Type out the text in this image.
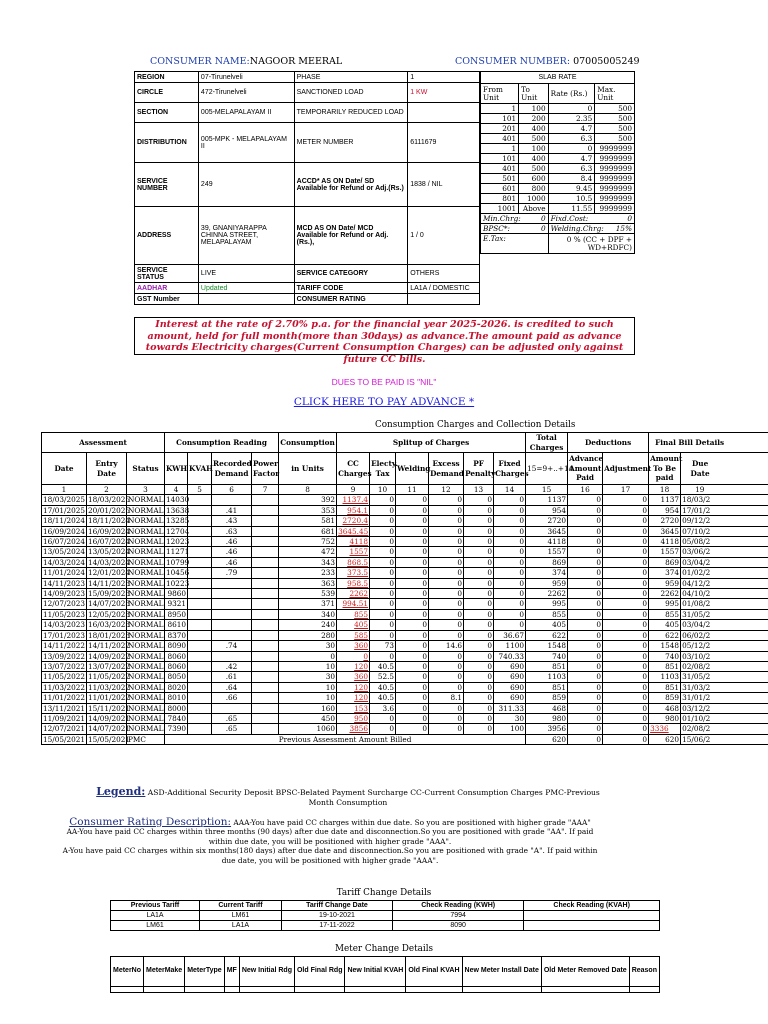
CONSUMER NAME:NAGOOR MEERAL	CONSUMER NUMBER: 07005005249
REGION	07-Tirunelveli	PHASE	1
CIRCLE	472-Tirunelveli	SANCTIONED LOAD	1 KW
SECTION	005-MELAPALAYAM II	TEMPORARILY REDUCED LOAD	
DISTRIBUTION	005-MPK - MELAPALAYAM II	METER NUMBER	6111679
SERVICE NUMBER	249	ACCD* AS ON Date/ SD Available for Refund or Adj.(Rs.)	1838 / NIL
ADDRESS	39, GNANIYARAPPA CHINNA STREET, MELAPALAYAM	MCD AS ON Date/ MCD Available for Refund or Adj.(Rs.),	1 / 0
SERVICE STATUS	LIVE	SERVICE CATEGORY	OTHERS
AADHAR	Updated	TARIFF CODE	LA1A / DOMESTIC
GST Number		CONSUMER RATING	
SLAB RATE			
From Unit	To Unit	Rate (Rs.)	Max. Unit
1	100	0	500
101	200	2.35	500
201	400	4.7	500
401	500	6.3	500
1	100	0	9999999
101	400	4.7	9999999
401	500	6.3	9999999
501	600	8.4	9999999
601	800	9.45	9999999
801	1000	10.5	9999999
1001	Above	11.55	9999999
Min.Chrg: 0		Fixd.Cost: 0	

BPSC*: 0		Welding.Chrg: 15%	

E.Tax:		0 % (CC + DPF + WD+RDFC)	
Interest at the rate of 2.70% p.a. for the financial year 2025-2026. is credited to such amount, held for full month(more than 30days) as advance.The amount paid as advance towards Electricity charges(Current Consumption Charges) can be adjusted only against future CC bills.
DUES TO BE PAID IS "NIL"
CLICK HERE TO PAY ADVANCE *
Consumption Charges and Collection Details
Assessment			Consumption Reading				Consumption	Splitup of Charges						Total Charges	Deductions		Final Bill Details	
Date	Entry Date	Status	KWH	KVAH	Recorded Demand	Power Factor	in Units	CC Charges	Electy. Tax	Welding	Excess Demand	PF Penalty	Fixed Charges	15=9+..+14	Advance Amount Paid	Adjustment	Amount To Be paid	Due Date

1	2	3	4	5	6	7	8	9	10	11	12	13	14	15	16	17	18	19
18/03/2025	18/03/2025	NORMAL	14030				392	1137.4	0	0	0	0	0	1137	0	0	1137	18/03/2
17/01/2025	20/01/2025	NORMAL	13638		.41		353	954.1	0	0	0	0	0	954	0	0	954	17/01/2
18/11/2024	18/11/2024	NORMAL	13285		.43		581	2720.4	0	0	0	0	0	2720	0	0	2720	09/12/2
16/09/2024	16/09/2024	NORMAL	12704		.63		681	3645.45	0	0	0	0	0	3645	0	0	3645	07/10/2
16/07/2024	16/07/2024	NORMAL	12023		.46		752	4118	0	0	0	0	0	4118	0	0	4118	05/08/2
13/05/2024	13/05/2024	NORMAL	11271		.46		472	1557	0	0	0	0	0	1557	0	0	1557	03/06/2
14/03/2024	14/03/2024	NORMAL	10799		.46		343	868.5	0	0	0	0	0	869	0	0	869	03/04/2
11/01/2024	12/01/2024	NORMAL	10456		.79		233	373.5	0	0	0	0	0	374	0	0	374	01/02/2
14/11/2023	14/11/2023	NORMAL	10223				363	958.5	0	0	0	0	0	959	0	0	959	04/12/2
14/09/2023	15/09/2023	NORMAL	9860				539	2262	0	0	0	0	0	2262	0	0	2262	04/10/2
12/07/2023	14/07/2023	NORMAL	9321				371	994.51	0	0	0	0	0	995	0	0	995	01/08/2
11/05/2023	12/05/2023	NORMAL	8950				340	855	0	0	0	0	0	855	0	0	855	31/05/2
14/03/2023	16/03/2023	NORMAL	8610				240	405	0	0	0	0	0	405	0	0	405	03/04/2
17/01/2023	18/01/2023	NORMAL	8370				280	585	0	0	0	0	36.67	622	0	0	622	06/02/2
14/11/2022	14/11/2022	NORMAL	8090		.74		30	360	73	0	14.6	0	1100	1548	0	0	1548	05/12/2
13/09/2022	14/09/2022	NORMAL	8060				0	0	0	0	0	0	740.33	740	0	0	740	03/10/2
13/07/2022	13/07/2022	NORMAL	8060		.42		10	120	40.5	0	0	0	690	851	0	0	851	02/08/2
11/05/2022	11/05/2022	NORMAL	8050		.61		30	360	52.5	0	0	0	690	1103	0	0	1103	31/05/2
11/03/2022	11/03/2022	NORMAL	8020		.64		10	120	40.5	0	0	0	690	851	0	0	851	31/03/2
11/01/2022	11/01/2022	NORMAL	8010		.66		10	120	40.5	0	8.1	0	690	859	0	0	859	31/01/2
13/11/2021	15/11/2021	NORMAL	8000				160	153	3.6	0	0	0	311.33	468	0	0	468	03/12/2
11/09/2021	14/09/2021	NORMAL	7840		.65		450	950	0	0	0	0	30	980	0	0	980	01/10/2
12/07/2021	14/07/2021	NORMAL	7390		.65		1060	3856	0	0	0	0	100	3956	0	0	3336	02/08/2
15/05/2021	15/05/2021	PMC	Previous Assessment Amount Billed											620	0	0	620	15/06/2
Legend: ASD-Additional Security Deposit BPSC-Belated Payment Surcharge CC-Current Consumption Charges PMC-Previous Month Consumption
Consumer Rating Description: AAA-You have paid CC charges within due date. So you are positioned with higher grade "AAA"
AA-You have paid CC charges within three months (90 days) after due date and disconnection.So you are positioned with grade "AA". If paid within due date, you will be positioned with higher grade "AAA".
A-You have paid CC charges within six months(180 days) after due date and disconnection.So you are positioned with grade "A". If paid within due date, you will be positioned with higher grade "AAA".
Tariff Change Details
Previous Tariff	Current Tariff	Tariff Change Date	Check Reading (KWH)	Check Reading (KVAH)
LA1A	LM61	19-10-2021	7994	
LM61	LA1A	17-11-2022	8090	
Meter Change Details
MeterNo	MeterMake	MeterType	MF	New Initial Rdg	Old Final Rdg	New Initial KVAH	Old Final KVAH	New Meter Install Date	Old Meter Removed Date	Reason
